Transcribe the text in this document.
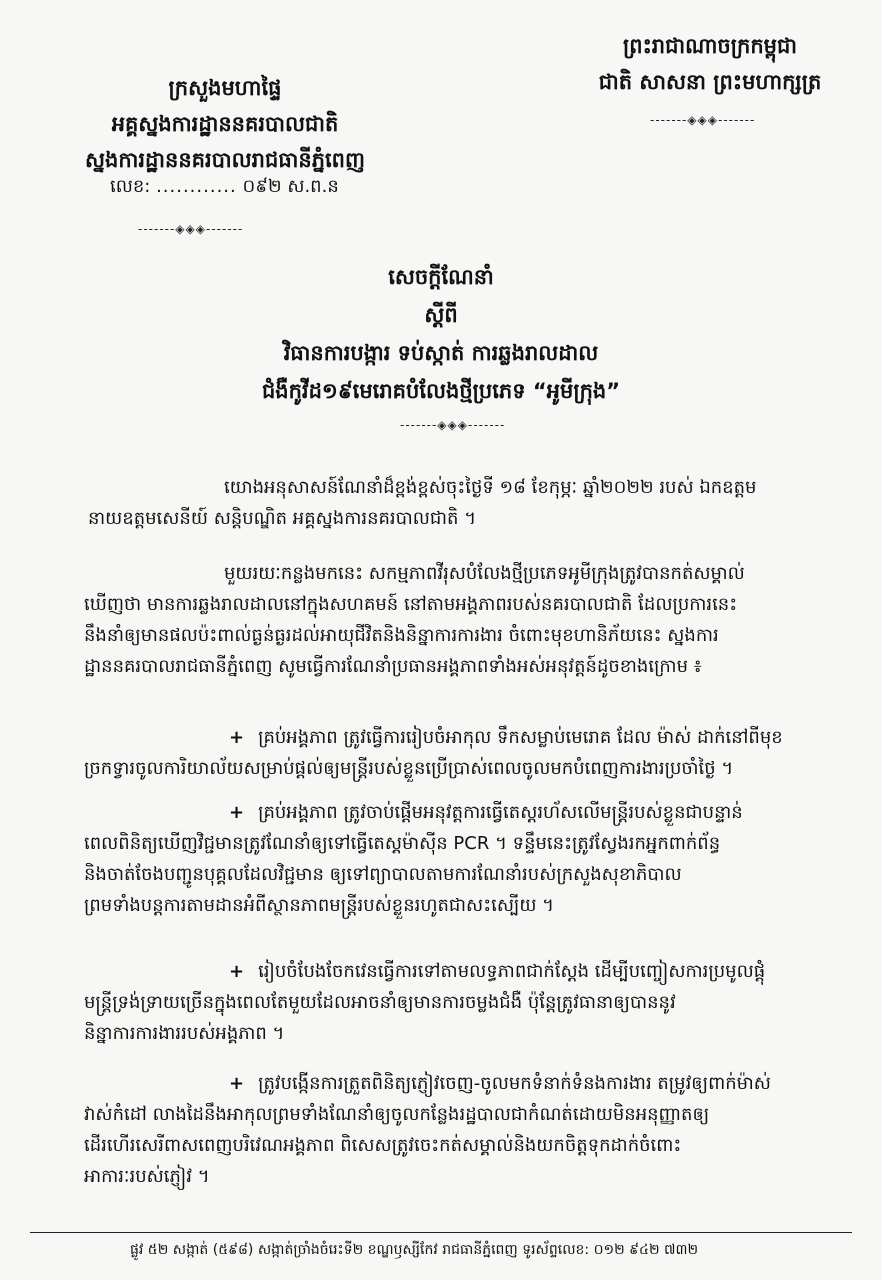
ព្រះរាជាណាចក្រកម្ពុជា
ជាតិ សាសនា ព្រះមហាក្សត្រ
-------◈◈◈-------
ក្រសួងមហាផ្ទៃ
អគ្គស្នងការដ្ឋាននគរបាលជាតិ
ស្នងការដ្ឋាននគរបាលរាជធានីភ្នំពេញ
លេខ: ............ ០៩២ ស.ព.ន
-------◈◈◈-------
សេចក្តីណែនាំ
ស្តីពី
វិធានការបង្ការ ទប់ស្កាត់ ការឆ្លងរាលដាល
ជំងឺកូវីដ១៩មេរោគបំលែងថ្មីប្រភេទ “អូមីក្រុង”
-------◈◈◈-------

យោងអនុសាសន៍ណែនាំដ៏ខ្ពង់ខ្ពស់ចុះថ្ងៃទី ១៨ ខែកុម្ភៈ ឆ្នាំ២០២២ របស់ ឯកឧត្តម

នាយឧត្តមសេនីយ៍ សន្តិបណ្ឌិត អគ្គស្នងការនគរបាលជាតិ ។

មួយរយៈកន្លងមកនេះ សកម្មភាពវីរុសបំលែងថ្មីប្រភេទអូមីក្រុងត្រូវបានកត់សម្គាល់

ឃើញថា មានការឆ្លងរាលដាលនៅក្នុងសហគមន៍ នៅតាមអង្គភាពរបស់នគរបាលជាតិ ដែលប្រការនេះ

នឹងនាំឲ្យមានផលប៉ះពាល់ធ្ងន់ធ្ងរដល់អាយុជីវិតនិងនិន្នាការការងារ ចំពោះមុខហានិភ័យនេះ ស្នងការ

ដ្ឋាននគរបាលរាជធានីភ្នំពេញ សូមធ្វើការណែនាំប្រធានអង្គភាពទាំងអស់អនុវត្តន៍ដូចខាងក្រោម ៖

+ គ្រប់អង្គភាព ត្រូវធ្វើការរៀបចំអាកុល ទឹកសម្លាប់មេរោគ ដែល ម៉ាស់ ដាក់នៅពីមុខ

ច្រកទ្វារចូលការិយាល័យសម្រាប់ផ្តល់ឲ្យមន្ត្រីរបស់ខ្លួនប្រើប្រាស់ពេលចូលមកបំពេញការងារប្រចាំថ្ងៃ ។

+ គ្រប់អង្គភាព ត្រូវចាប់ផ្តើមអនុវត្តការធ្វើតេស្តរហ័សលើមន្ត្រីរបស់ខ្លួនជាបន្ទាន់

ពេលពិនិត្យឃើញវិជ្ជមានត្រូវណែនាំឲ្យទៅធ្វើតេស្តម៉ាស៊ីន PCR ។ ទន្ទឹមនេះត្រូវស្វែងរកអ្នកពាក់ព័ន្ធ

និងចាត់ចែងបញ្ជូនបុគ្គលដែលវិជ្ជមាន ឲ្យទៅព្យាបាលតាមការណែនាំរបស់ក្រសួងសុខាភិបាល

ព្រមទាំងបន្តការតាមដានអំពីស្ថានភាពមន្ត្រីរបស់ខ្លួនរហូតជាសះស្បើយ ។

+ រៀបចំបែងចែកវេនធ្វើការទៅតាមលទ្ធភាពជាក់ស្តែង ដើម្បីបញ្ចៀសការប្រមូលផ្តុំ

មន្ត្រីទ្រង់ទ្រាយច្រើនក្នុងពេលតែមួយដែលអាចនាំឲ្យមានការចម្លងជំងឺ ប៉ុន្តែត្រូវធានាឲ្យបាននូវ

និន្នាការការងាររបស់អង្គភាព ។

+ ត្រូវបង្កើនការត្រួតពិនិត្យភ្ញៀវចេញ-ចូលមកទំនាក់ទំនងការងារ តម្រូវឲ្យពាក់ម៉ាស់

វាស់កំដៅ លាងដៃនឹងអាកុលព្រមទាំងណែនាំឲ្យចូលកន្លែងរដ្ឋបាលជាកំណត់ដោយមិនអនុញ្ញាតឲ្យ

ដើរហើរសេរីពាសពេញបរិវេណអង្គភាព ពិសេសត្រូវចេះកត់សម្គាល់និងយកចិត្តទុកដាក់ចំពោះ

អាការៈរបស់ភ្ញៀវ ។

ផ្លូវ ៥២ សង្កាត់ (៥៩៨) សង្កាត់ច្រាំងចំរេះទី២ ខណ្ឌឫស្សីកែវ រាជធានីភ្នំពេញ ទូរស័ព្ទលេខ: ០១២ ៩៤២ ៧៣២
